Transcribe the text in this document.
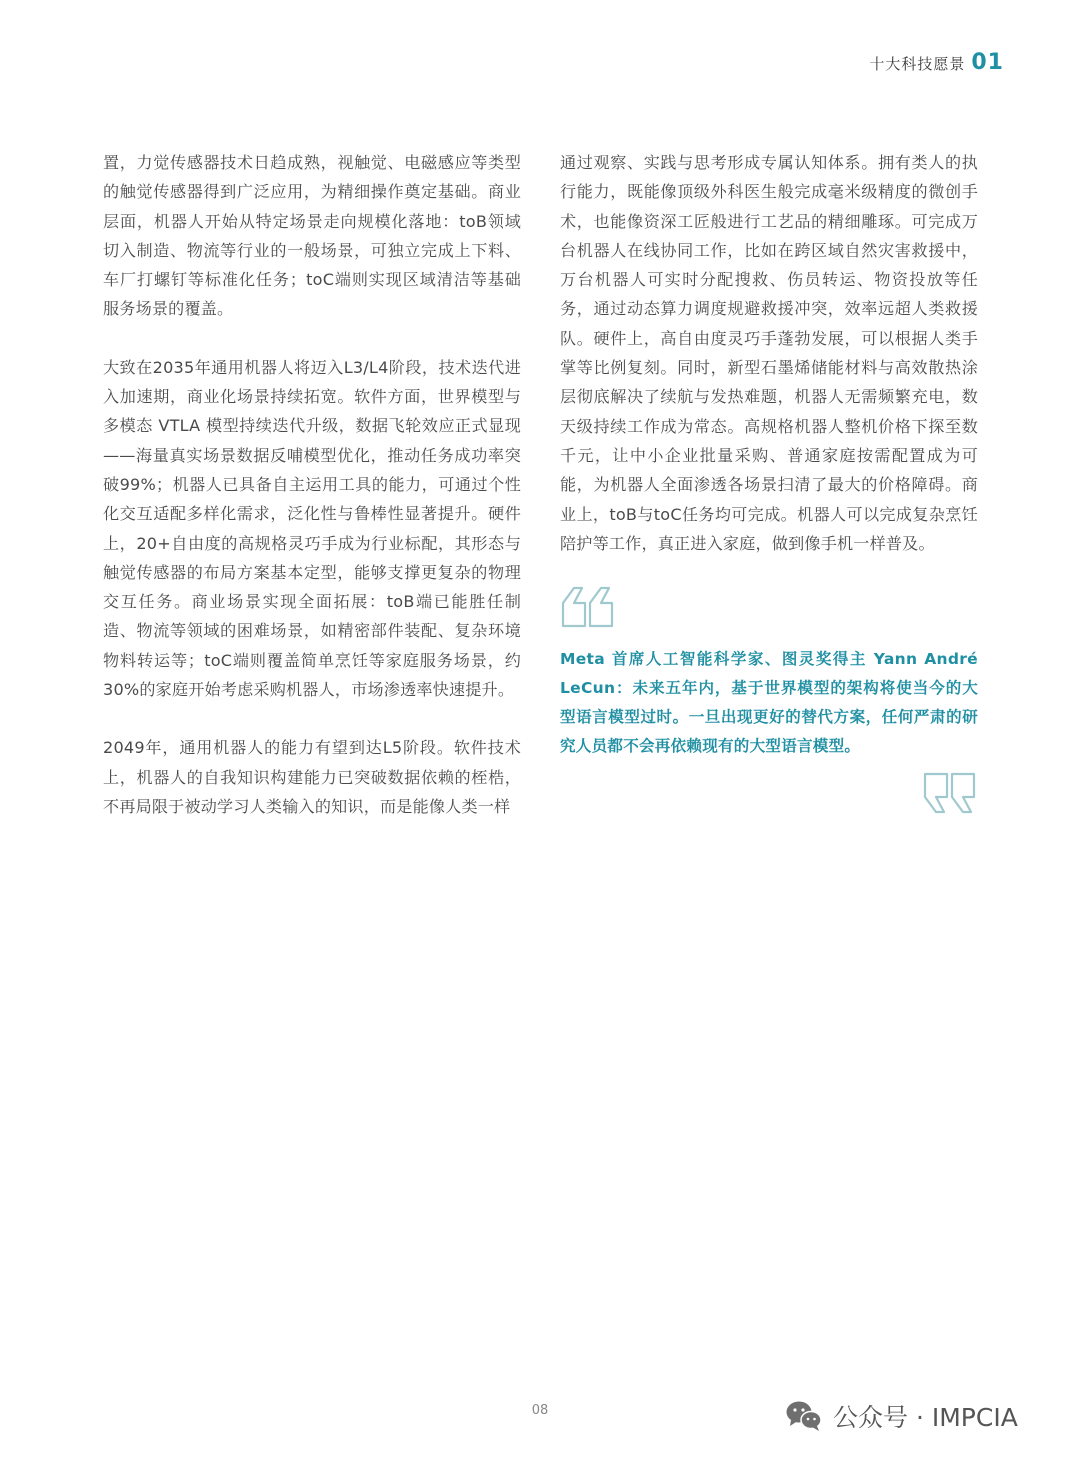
十大科技愿景 01

置，力觉传感器技术日趋成熟，视触觉、电磁感应等类型的触觉传感器得到广泛应用，为精细操作奠定基础。商业层面，机器人开始从特定场景走向规模化落地：toB领域切入制造、物流等行业的一般场景，可独立完成上下料、车厂打螺钉等标准化任务；toC端则实现区域清洁等基础服务场景的覆盖。

大致在2035年通用机器人将迈入L3/L4阶段，技术迭代进入加速期，商业化场景持续拓宽。软件方面，世界模型与多模态 VTLA 模型持续迭代升级，数据飞轮效应正式显现——海量真实场景数据反哺模型优化，推动任务成功率突破99%；机器人已具备自主运用工具的能力，可通过个性化交互适配多样化需求，泛化性与鲁棒性显著提升。硬件上，20+自由度的高规格灵巧手成为行业标配，其形态与触觉传感器的布局方案基本定型，能够支撑更复杂的物理交互任务。商业场景实现全面拓展：toB端已能胜任制造、物流等领域的困难场景，如精密部件装配、复杂环境物料转运等；toC端则覆盖简单烹饪等家庭服务场景，约30%的家庭开始考虑采购机器人，市场渗透率快速提升。

2049年，通用机器人的能力有望到达L5阶段。软件技术上，机器人的自我知识构建能力已突破数据依赖的桎梏，不再局限于被动学习人类输入的知识，而是能像人类一样

通过观察、实践与思考形成专属认知体系。拥有类人的执行能力，既能像顶级外科医生般完成毫米级精度的微创手术，也能像资深工匠般进行工艺品的精细雕琢。可完成万台机器人在线协同工作，比如在跨区域自然灾害救援中，万台机器人可实时分配搜救、伤员转运、物资投放等任务，通过动态算力调度规避救援冲突，效率远超人类救援队。硬件上，高自由度灵巧手蓬勃发展，可以根据人类手掌等比例复刻。同时，新型石墨烯储能材料与高效散热涂层彻底解决了续航与发热难题，机器人无需频繁充电，数天级持续工作成为常态。高规格机器人整机价格下探至数千元，让中小企业批量采购、普通家庭按需配置成为可能，为机器人全面渗透各场景扫清了最大的价格障碍。商业上，toB与toC任务均可完成。机器人可以完成复杂烹饪陪护等工作，真正进入家庭，做到像手机一样普及。

Meta 首席人工智能科学家、图灵奖得主 Yann André LeCun：未来五年内，基于世界模型的架构将使当今的大型语言模型过时。一旦出现更好的替代方案，任何严肃的研究人员都不会再依赖现有的大型语言模型。
08	公众号 · IMPCIA
